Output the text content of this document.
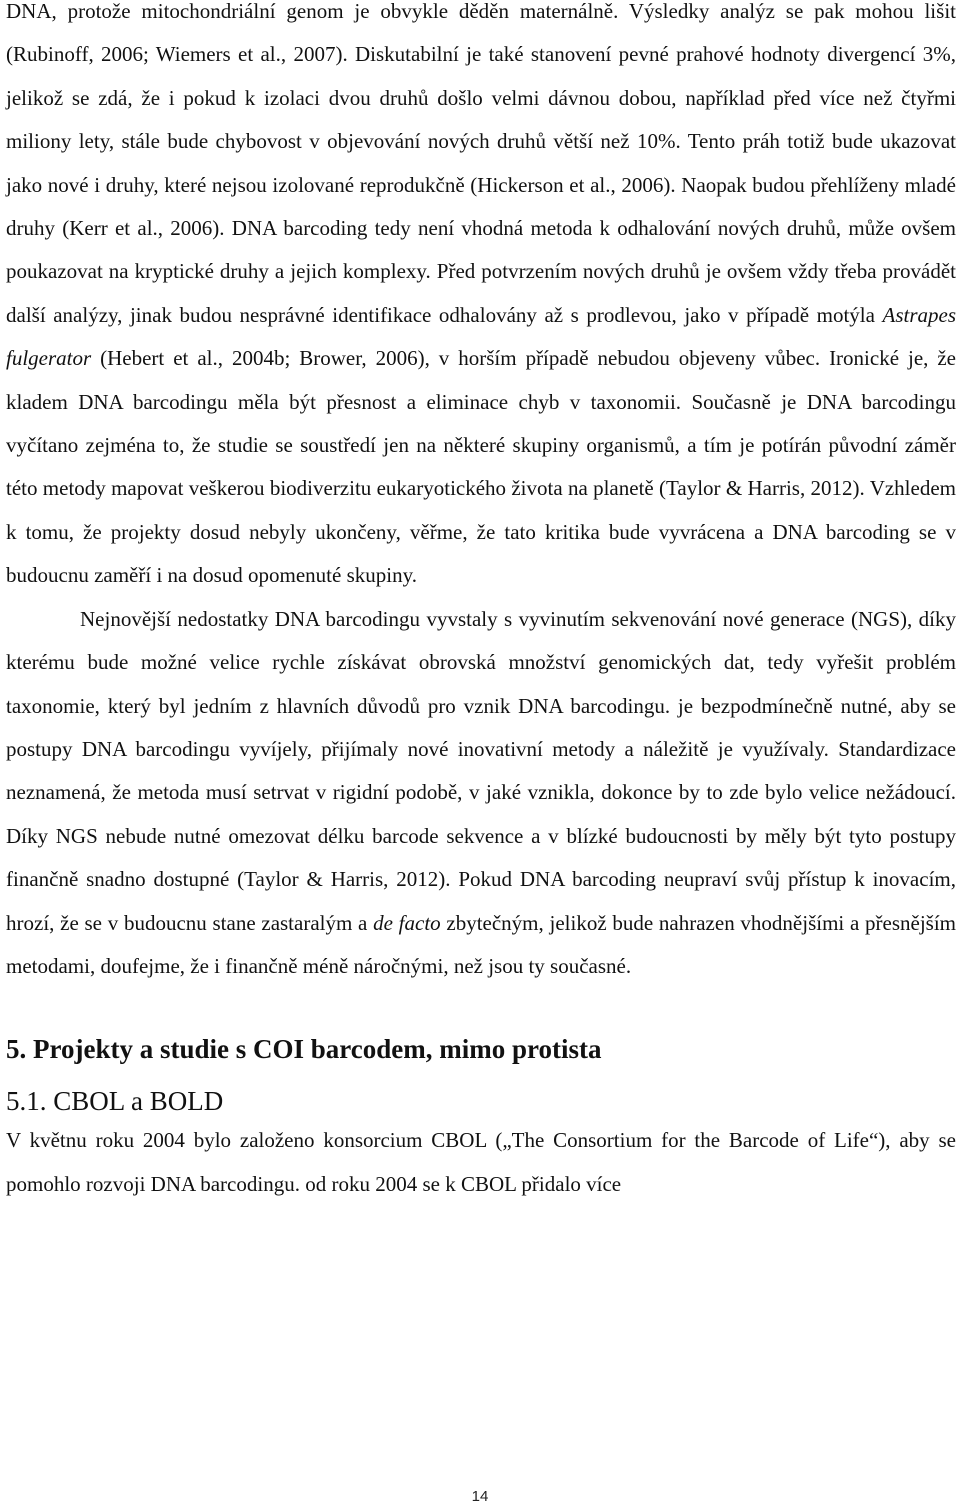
DNA, protože mitochondriální genom je obvykle děděn maternálně. Výsledky analýz se pak mohou lišit (Rubinoff, 2006; Wiemers et al., 2007). Diskutabilní je také stanovení pevné prahové hodnoty divergencí 3%, jelikož se zdá, že i pokud k izolaci dvou druhů došlo velmi dávnou dobou, například před více než čtyřmi miliony lety, stále bude chybovost v objevování nových druhů větší než 10%. Tento práh totiž bude ukazovat jako nové i druhy, které nejsou izolované reprodukčně (Hickerson et al., 2006). Naopak budou přehlíženy mladé druhy (Kerr et al., 2006). DNA barcoding tedy není vhodná metoda k odhalování nových druhů, může ovšem poukazovat na kryptické druhy a jejich komplexy. Před potvrzením nových druhů je ovšem vždy třeba provádět další analýzy, jinak budou nesprávné identifikace odhalovány až s prodlevou, jako v případě motýla Astrapes fulgerator (Hebert et al., 2004b; Brower, 2006), v horším případě nebudou objeveny vůbec. Ironické je, že kladem DNA barcodingu měla být přesnost a eliminace chyb v taxonomii. Současně je DNA barcodingu vyčítano zejména to, že studie se soustředí jen na některé skupiny organismů, a tím je potírán původní záměr této metody mapovat veškerou biodiverzitu eukaryotického života na planetě (Taylor & Harris, 2012). Vzhledem k tomu, že projekty dosud nebyly ukončeny, věřme, že tato kritika bude vyvrácena a DNA barcoding se v budoucnu zaměří i na dosud opomenuté skupiny.

Nejnovější nedostatky DNA barcodingu vyvstaly s vyvinutím sekvenování nové generace (NGS), díky kterému bude možné velice rychle získávat obrovská množství genomických dat, tedy vyřešit problém taxonomie, který byl jedním z hlavních důvodů pro vznik DNA barcodingu. je bezpodmínečně nutné, aby se postupy DNA barcodingu vyvíjely, přijímaly nové inovativní metody a náležitě je využívaly. Standardizace neznamená, že metoda musí setrvat v rigidní podobě, v jaké vznikla, dokonce by to zde bylo velice nežádoucí. Díky NGS nebude nutné omezovat délku barcode sekvence a v blízké budoucnosti by měly být tyto postupy finančně snadno dostupné (Taylor & Harris, 2012). Pokud DNA barcoding neupraví svůj přístup k inovacím, hrozí, že se v budoucnu stane zastaralým a de facto zbytečným, jelikož bude nahrazen vhodnějšími a přesnějším metodami, doufejme, že i finančně méně náročnými, než jsou ty současné.

5. Projekty a studie s COI barcodem, mimo protista
5.1. CBOL a BOLD

V květnu roku 2004 bylo založeno konsorcium CBOL („The Consortium for the Barcode of Life“), aby se pomohlo rozvoji DNA barcodingu. od roku 2004 se k CBOL přidalo více

14
